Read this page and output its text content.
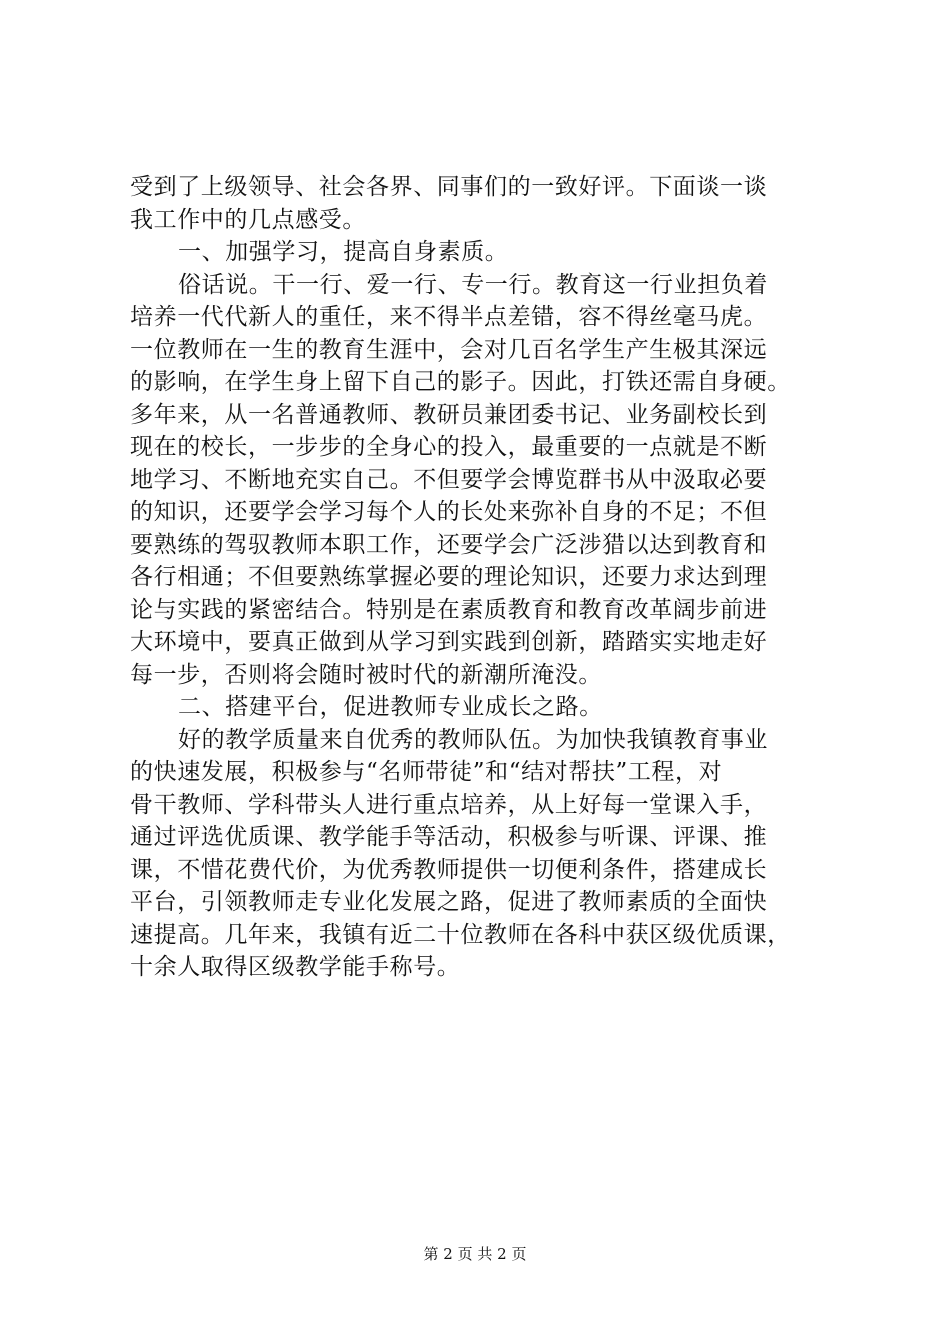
受到了上级领导、社会各界、同事们的一致好评。下面谈一谈
我工作中的几点感受。
一、加强学习，提高自身素质。
俗话说。干一行、爱一行、专一行。教育这一行业担负着
培养一代代新人的重任，来不得半点差错，容不得丝毫马虎。
一位教师在一生的教育生涯中，会对几百名学生产生极其深远
的影响，在学生身上留下自己的影子。因此，打铁还需自身硬。
多年来，从一名普通教师、教研员兼团委书记、业务副校长到
现在的校长，一步步的全身心的投入，最重要的一点就是不断
地学习、不断地充实自己。不但要学会博览群书从中汲取必要
的知识，还要学会学习每个人的长处来弥补自身的不足；不但
要熟练的驾驭教师本职工作，还要学会广泛涉猎以达到教育和
各行相通；不但要熟练掌握必要的理论知识，还要力求达到理
论与实践的紧密结合。特别是在素质教育和教育改革阔步前进
大环境中，要真正做到从学习到实践到创新，踏踏实实地走好
每一步，否则将会随时被时代的新潮所淹没。
二、搭建平台，促进教师专业成长之路。
好的教学质量来自优秀的教师队伍。为加快我镇教育事业
的快速发展，积极参与“名师带徒”和“结对帮扶”工程，对
骨干教师、学科带头人进行重点培养，从上好每一堂课入手，
通过评选优质课、教学能手等活动，积极参与听课、评课、推
课，不惜花费代价，为优秀教师提供一切便利条件，搭建成长
平台，引领教师走专业化发展之路，促进了教师素质的全面快
速提高。几年来，我镇有近二十位教师在各科中获区级优质课，
十余人取得区级教学能手称号。
第 2 页 共 2 页
